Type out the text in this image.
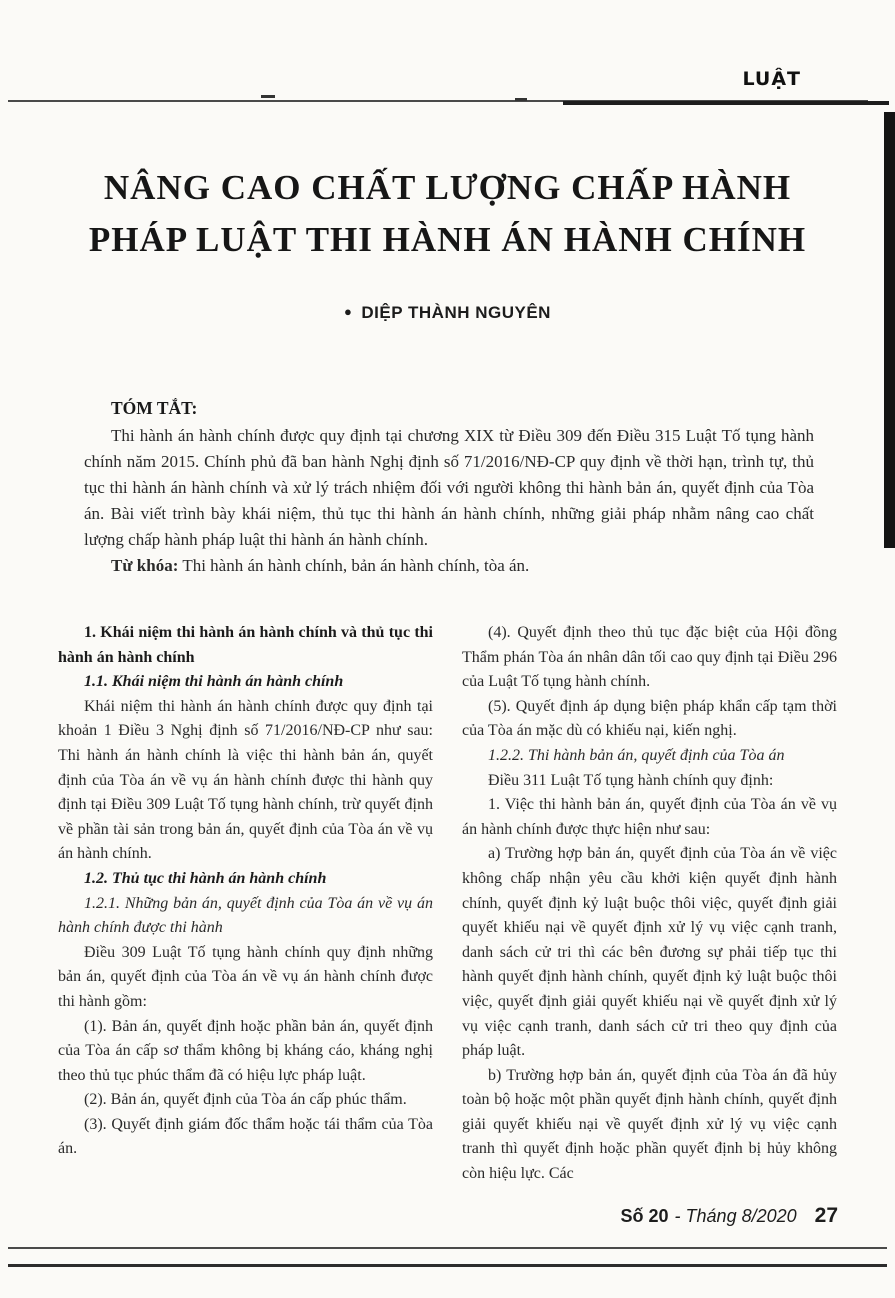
LUẬT
NÂNG CAO CHẤT LƯỢNG CHẤP HÀNH
PHÁP LUẬT THI HÀNH ÁN HÀNH CHÍNH
● DIỆP THÀNH NGUYÊN

TÓM TẮT:

Thi hành án hành chính được quy định tại chương XIX từ Điều 309 đến Điều 315 Luật Tố tụng hành chính năm 2015. Chính phủ đã ban hành Nghị định số 71/2016/NĐ-CP quy định về thời hạn, trình tự, thủ tục thi hành án hành chính và xử lý trách nhiệm đối với người không thi hành bản án, quyết định của Tòa án. Bài viết trình bày khái niệm, thủ tục thi hành án hành chính, những giải pháp nhằm nâng cao chất lượng chấp hành pháp luật thi hành án hành chính.

Từ khóa: Thi hành án hành chính, bản án hành chính, tòa án.

1. Khái niệm thi hành án hành chính và thủ tục thi hành án hành chính

1.1. Khái niệm thi hành án hành chính

Khái niệm thi hành án hành chính được quy định tại khoản 1 Điều 3 Nghị định số 71/2016/NĐ-CP như sau: Thi hành án hành chính là việc thi hành bản án, quyết định của Tòa án về vụ án hành chính được thi hành quy định tại Điều 309 Luật Tố tụng hành chính, trừ quyết định về phần tài sản trong bản án, quyết định của Tòa án về vụ án hành chính.

1.2. Thủ tục thi hành án hành chính

1.2.1. Những bản án, quyết định của Tòa án về vụ án hành chính được thi hành

Điều 309 Luật Tố tụng hành chính quy định những bản án, quyết định của Tòa án về vụ án hành chính được thi hành gồm:

(1). Bản án, quyết định hoặc phần bản án, quyết định của Tòa án cấp sơ thẩm không bị kháng cáo, kháng nghị theo thủ tục phúc thẩm đã có hiệu lực pháp luật.

(2). Bản án, quyết định của Tòa án cấp phúc thẩm.

(3). Quyết định giám đốc thẩm hoặc tái thẩm của Tòa án.

(4). Quyết định theo thủ tục đặc biệt của Hội đồng Thẩm phán Tòa án nhân dân tối cao quy định tại Điều 296 của Luật Tố tụng hành chính.

(5). Quyết định áp dụng biện pháp khẩn cấp tạm thời của Tòa án mặc dù có khiếu nại, kiến nghị.

1.2.2. Thi hành bản án, quyết định của Tòa án

Điều 311 Luật Tố tụng hành chính quy định:

1. Việc thi hành bản án, quyết định của Tòa án về vụ án hành chính được thực hiện như sau:

a) Trường hợp bản án, quyết định của Tòa án về việc không chấp nhận yêu cầu khởi kiện quyết định hành chính, quyết định kỷ luật buộc thôi việc, quyết định giải quyết khiếu nại về quyết định xử lý vụ việc cạnh tranh, danh sách cử tri thì các bên đương sự phải tiếp tục thi hành quyết định hành chính, quyết định kỷ luật buộc thôi việc, quyết định giải quyết khiếu nại về quyết định xử lý vụ việc cạnh tranh, danh sách cử tri theo quy định của pháp luật.

b) Trường hợp bản án, quyết định của Tòa án đã hủy toàn bộ hoặc một phần quyết định hành chính, quyết định giải quyết khiếu nại về quyết định xử lý vụ việc cạnh tranh thì quyết định hoặc phần quyết định bị hủy không còn hiệu lực. Các

Số 20 - Tháng 8/2020 27
